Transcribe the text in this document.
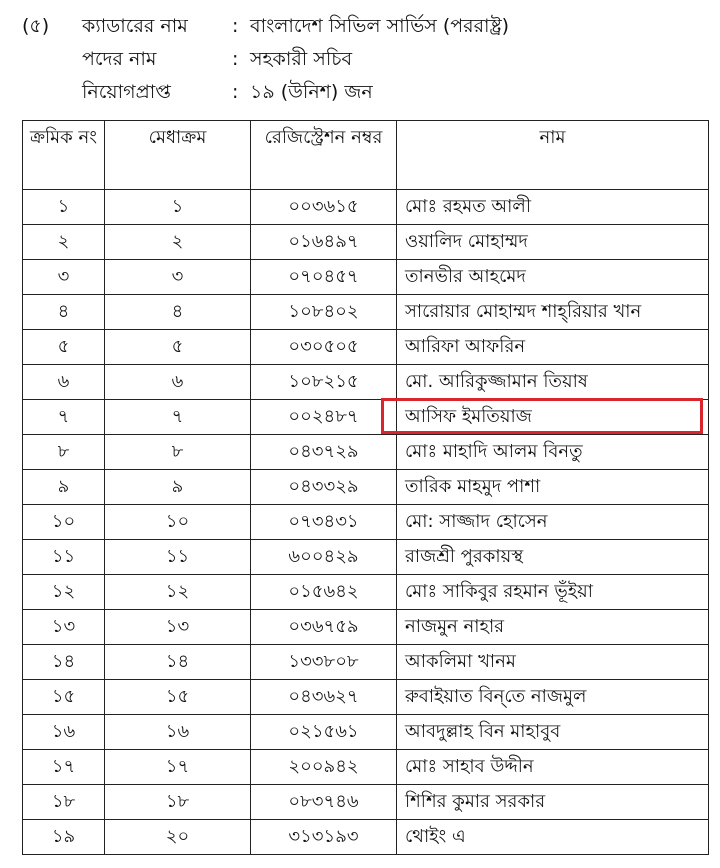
(৫)	ক্যাডারের নাম	: বাংলাদেশ সিভিল সার্ভিস (পররাষ্ট্র)
পদের নাম	: সহকারী সচিব
নিয়োগপ্রাপ্ত	: ১৯ (উনিশ) জন
ক্রমিক নং	মেধাক্রম	রেজিস্ট্রেশন নম্বর	নাম
১	১	০০৩৬১৫	মোঃ রহমত আলী
২	২	০১৬৪৯৭	ওয়ালিদ মোহাম্মদ
৩	৩	০৭০৪৫৭	তানভীর আহমেদ
৪	৪	১০৮৪০২	সারোয়ার মোহাম্মদ শাহ্‌রিয়ার খান
৫	৫	০৩০৫০৫	আরিফা আফরিন
৬	৬	১০৮২১৫	মো. আরিকুজ্জামান তিয়াষ
৭	৭	০০২৪৮৭	আসিফ ইমতিয়াজ
৮	৮	০৪৩৭২৯	মোঃ মাহাদি আলম বিনতু
৯	৯	০৪৩৩২৯	তারিক মাহমুদ পাশা
১০	১০	০৭৩৪৩১	মো: সাজ্জাদ হোসেন
১১	১১	৬০০৪২৯	রাজশ্রী পুরকায়স্থ
১২	১২	০১৫৬৪২	মোঃ সাকিবুর রহমান ভূঁইয়া
১৩	১৩	০৩৬৭৫৯	নাজমুন নাহার
১৪	১৪	১৩৩৮০৮	আকলিমা খানম
১৫	১৫	০৪৩৬২৭	রুবাইয়াত বিন্‌তে নাজমুল
১৬	১৬	০২১৫৬১	আবদুল্লাহ বিন মাহাবুব
১৭	১৭	২০০৯৪২	মোঃ সাহাব উদ্দীন
১৮	১৮	০৮৩৭৪৬	শিশির কুমার সরকার
১৯	২০	৩১৩১৯৩	থোইং এ
